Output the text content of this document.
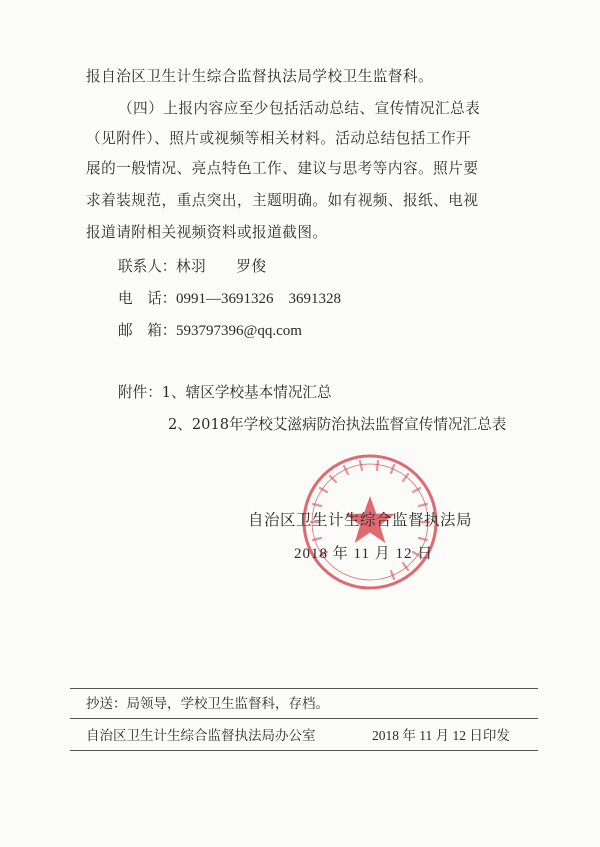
报自治区卫生计生综合监督执法局学校卫生监督科。
（四）上报内容应至少包括活动总结、宣传情况汇总表
（见附件）、照片或视频等相关材料。活动总结包括工作开
展的一般情况、亮点特色工作、建议与思考等内容。照片要
求着装规范，重点突出，主题明确。如有视频、报纸、电视
报道请附相关视频资料或报道截图。
联系人：林羽　　罗俊
电　话：0991—3691326　3691328
邮　箱：593797396@qq.com
附件：1、辖区学校基本情况汇总
2、2018年学校艾滋病防治执法监督宣传情况汇总表
自治区卫生计生综合监督执法局
2018 年 11 月 12 日
抄送：局领导，学校卫生监督科，存档。
自治区卫生计生综合监督执法局办公室	2018 年 11 月 12 日印发
